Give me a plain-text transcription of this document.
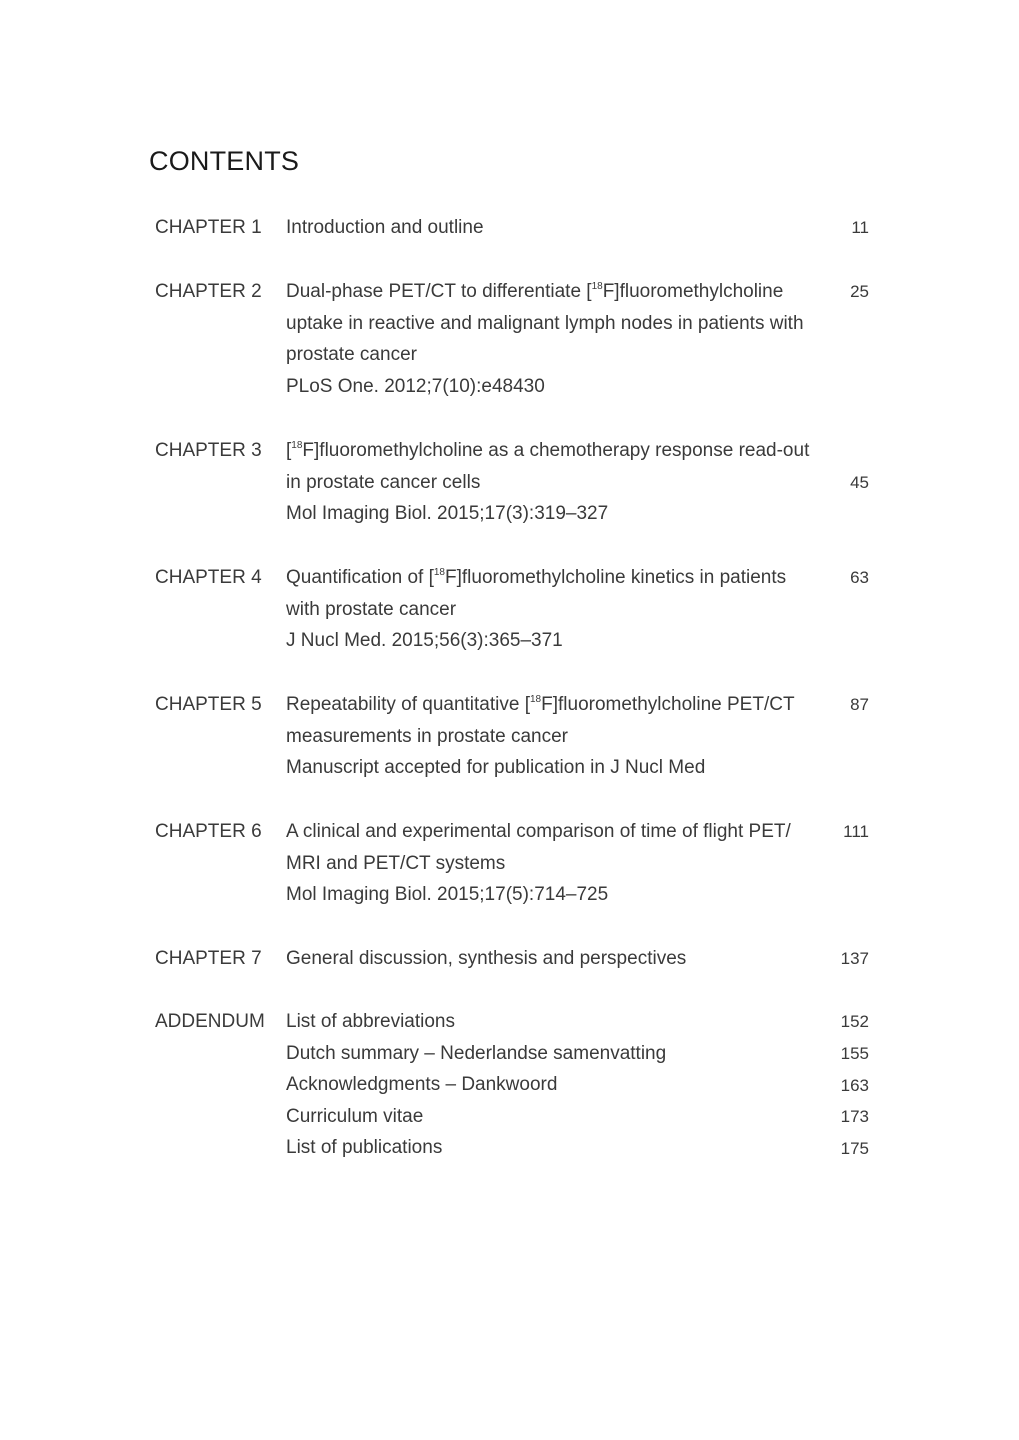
CONTENTS
CHAPTER 1 Introduction and outline	11
CHAPTER 2 Dual-phase PET/CT to differentiate [$^{18}$F]fluoromethylcholine
uptake in reactive and malignant lymph nodes in patients with
prostate cancer
PLoS One. 2012;7(10):e48430
25
CHAPTER 3 [$^{18}$F]fluoromethylcholine as a chemotherapy response read-out
in prostate cancer cells
Mol Imaging Biol. 2015;17(3):319–327
45
CHAPTER 4 Quantification of [$^{18}$F]fluoromethylcholine kinetics in patients
with prostate cancer
J Nucl Med. 2015;56(3):365–371
63
CHAPTER 5 Repeatability of quantitative [$^{18}$F]fluoromethylcholine PET/CT
measurements in prostate cancer
Manuscript accepted for publication in J Nucl Med
87
CHAPTER 6 A clinical and experimental comparison of time of flight PET/
MRI and PET/CT systems
Mol Imaging Biol. 2015;17(5):714–725
111
CHAPTER 7 General discussion, synthesis and perspectives	137
ADDENDUM List of abbreviations
Dutch summary – Nederlandse samenvatting
Acknowledgments – Dankwoord
Curriculum vitae
List of publications
152
155
163
173
175
